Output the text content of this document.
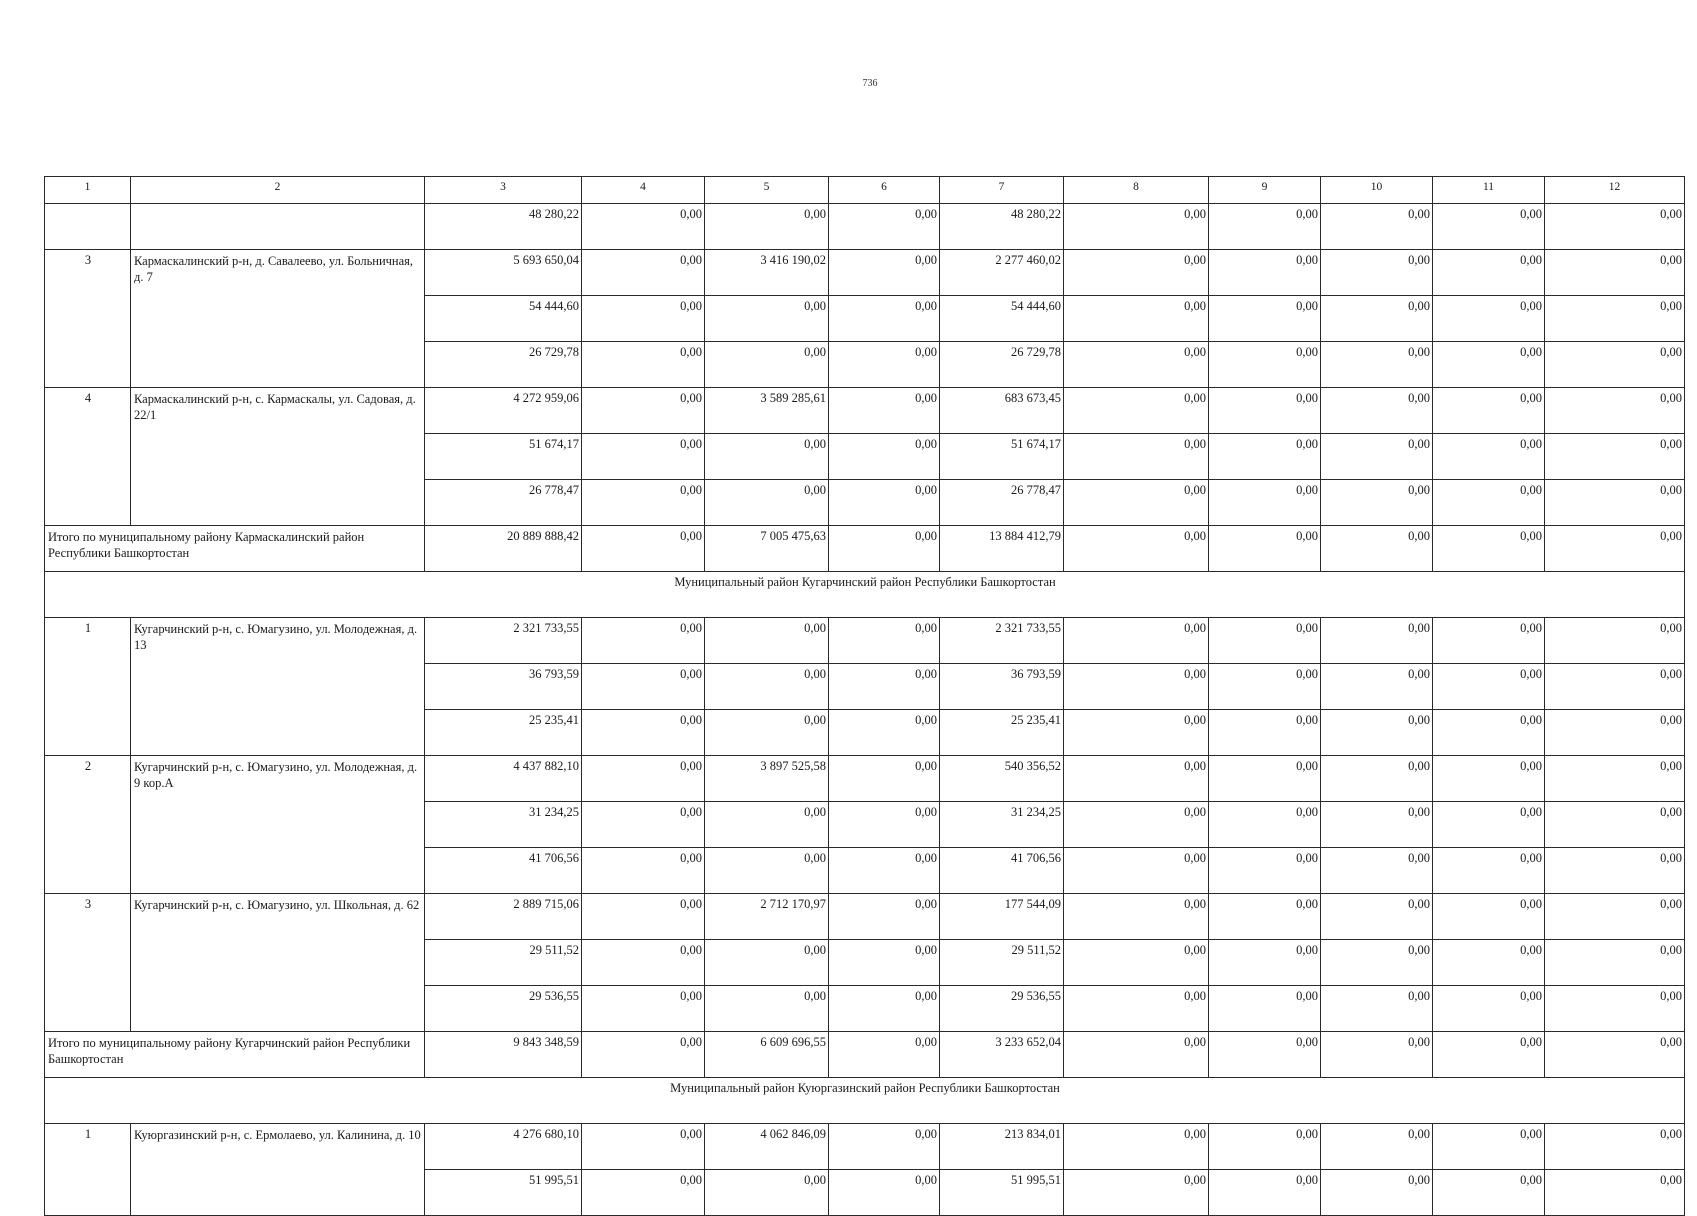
736
1	2	3	4	5	6	7	8	9	10	11	12
		48 280,22	0,00	0,00	0,00	48 280,22	0,00	0,00	0,00	0,00	0,00
3	Кармаскалинский р-н, д. Савалеево, ул. Больничная, д. 7	5 693 650,04	0,00	3 416 190,02	0,00	2 277 460,02	0,00	0,00	0,00	0,00	0,00
		54 444,60	0,00	0,00	0,00	54 444,60	0,00	0,00	0,00	0,00	0,00
		26 729,78	0,00	0,00	0,00	26 729,78	0,00	0,00	0,00	0,00	0,00
4	Кармаскалинский р-н, с. Кармаскалы, ул. Садовая, д. 22/1	4 272 959,06	0,00	3 589 285,61	0,00	683 673,45	0,00	0,00	0,00	0,00	0,00
		51 674,17	0,00	0,00	0,00	51 674,17	0,00	0,00	0,00	0,00	0,00
		26 778,47	0,00	0,00	0,00	26 778,47	0,00	0,00	0,00	0,00	0,00
Итого по муниципальному району Кармаскалинский район Республики Башкортостан		20 889 888,42	0,00	7 005 475,63	0,00	13 884 412,79	0,00	0,00	0,00	0,00	0,00
Муниципальный район Кугарчинский район Республики Башкортостан											
1	Кугарчинский р-н, с. Юмагузино, ул. Молодежная, д. 13	2 321 733,55	0,00	0,00	0,00	2 321 733,55	0,00	0,00	0,00	0,00	0,00
		36 793,59	0,00	0,00	0,00	36 793,59	0,00	0,00	0,00	0,00	0,00
		25 235,41	0,00	0,00	0,00	25 235,41	0,00	0,00	0,00	0,00	0,00
2	Кугарчинский р-н, с. Юмагузино, ул. Молодежная, д. 9 кор.А	4 437 882,10	0,00	3 897 525,58	0,00	540 356,52	0,00	0,00	0,00	0,00	0,00
		31 234,25	0,00	0,00	0,00	31 234,25	0,00	0,00	0,00	0,00	0,00
		41 706,56	0,00	0,00	0,00	41 706,56	0,00	0,00	0,00	0,00	0,00
3	Кугарчинский р-н, с. Юмагузино, ул. Школьная, д. 62	2 889 715,06	0,00	2 712 170,97	0,00	177 544,09	0,00	0,00	0,00	0,00	0,00
		29 511,52	0,00	0,00	0,00	29 511,52	0,00	0,00	0,00	0,00	0,00
		29 536,55	0,00	0,00	0,00	29 536,55	0,00	0,00	0,00	0,00	0,00
Итого по муниципальному району Кугарчинский район Республики Башкортостан		9 843 348,59	0,00	6 609 696,55	0,00	3 233 652,04	0,00	0,00	0,00	0,00	0,00
Муниципальный район Куюргазинский район Республики Башкортостан											
1	Куюргазинский р-н, с. Ермолаево, ул. Калинина, д. 10	4 276 680,10	0,00	4 062 846,09	0,00	213 834,01	0,00	0,00	0,00	0,00	0,00
		51 995,51	0,00	0,00	0,00	51 995,51	0,00	0,00	0,00	0,00	0,00
